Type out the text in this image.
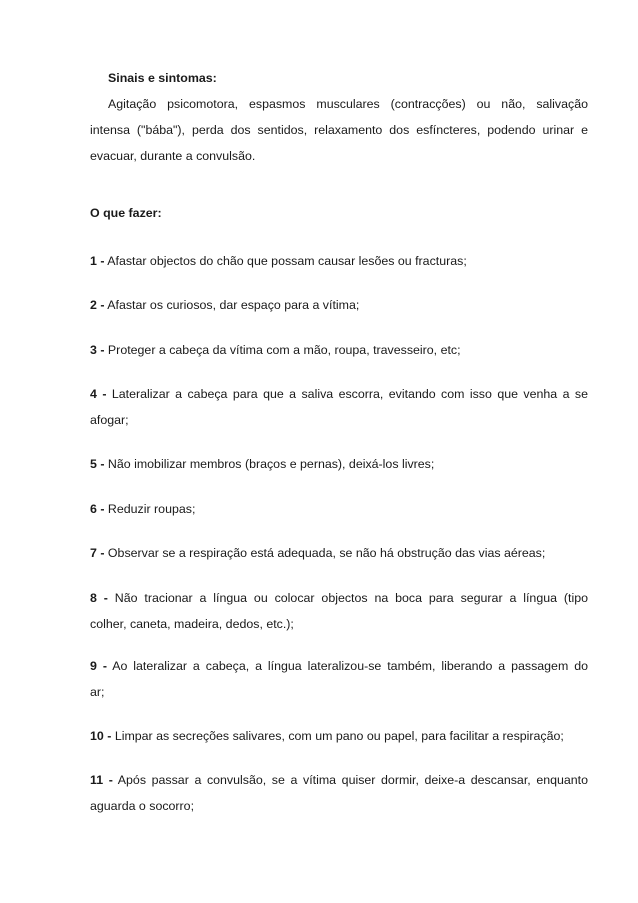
Sinais e sintomas:
Agitação psicomotora, espasmos musculares (contracções) ou não, salivação
intensa ("bába"), perda dos sentidos, relaxamento dos esfíncteres, podendo urinar e
evacuar, durante a convulsão.
O que fazer:
1 - Afastar objectos do chão que possam causar lesões ou fracturas;
2 - Afastar os curiosos, dar espaço para a vítima;
3 - Proteger a cabeça da vítima com a mão, roupa, travesseiro, etc;
4 - Lateralizar a cabeça para que a saliva escorra, evitando com isso que venha a se
afogar;
5 - Não imobilizar membros (braços e pernas), deixá-los livres;
6 - Reduzir roupas;
7 - Observar se a respiração está adequada, se não há obstrução das vias aéreas;
8 - Não tracionar a língua ou colocar objectos na boca para segurar a língua (tipo
colher, caneta, madeira, dedos, etc.);
9 - Ao lateralizar a cabeça, a língua lateralizou-se também, liberando a passagem do
ar;
10 - Limpar as secreções salivares, com um pano ou papel, para facilitar a respiração;
11 - Após passar a convulsão, se a vítima quiser dormir, deixe-a descansar, enquanto
aguarda o socorro;
